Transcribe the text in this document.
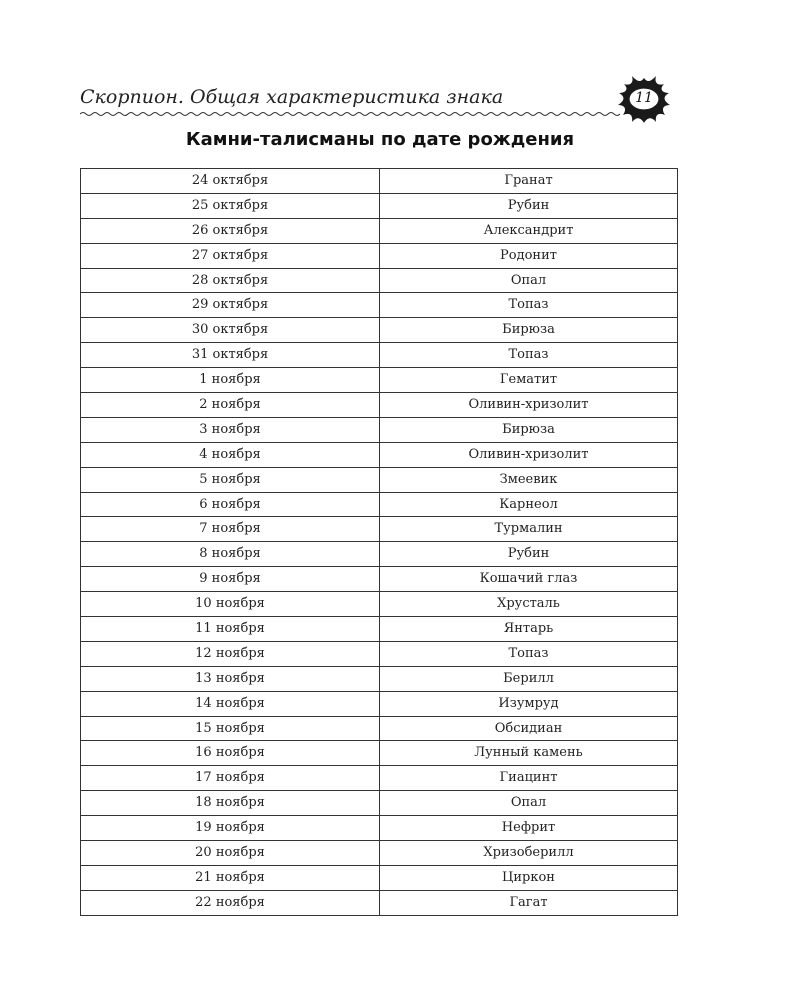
Скорпион. Общая характеристика знака	11
Камни-талисманы по дате рождения
24 октября	Гранат
25 октября	Рубин
26 октября	Александрит
27 октября	Родонит
28 октября	Опал
29 октября	Топаз
30 октября	Бирюза
31 октября	Топаз
1 ноября	Гематит
2 ноября	Оливин-хризолит
3 ноября	Бирюза
4 ноября	Оливин-хризолит
5 ноября	Змеевик
6 ноября	Карнеол
7 ноября	Турмалин
8 ноября	Рубин
9 ноября	Кошачий глаз
10 ноября	Хрусталь
11 ноября	Янтарь
12 ноября	Топаз
13 ноября	Берилл
14 ноября	Изумруд
15 ноября	Обсидиан
16 ноября	Лунный камень
17 ноября	Гиацинт
18 ноября	Опал
19 ноября	Нефрит
20 ноября	Хризоберилл
21 ноября	Циркон
22 ноября	Гагат
